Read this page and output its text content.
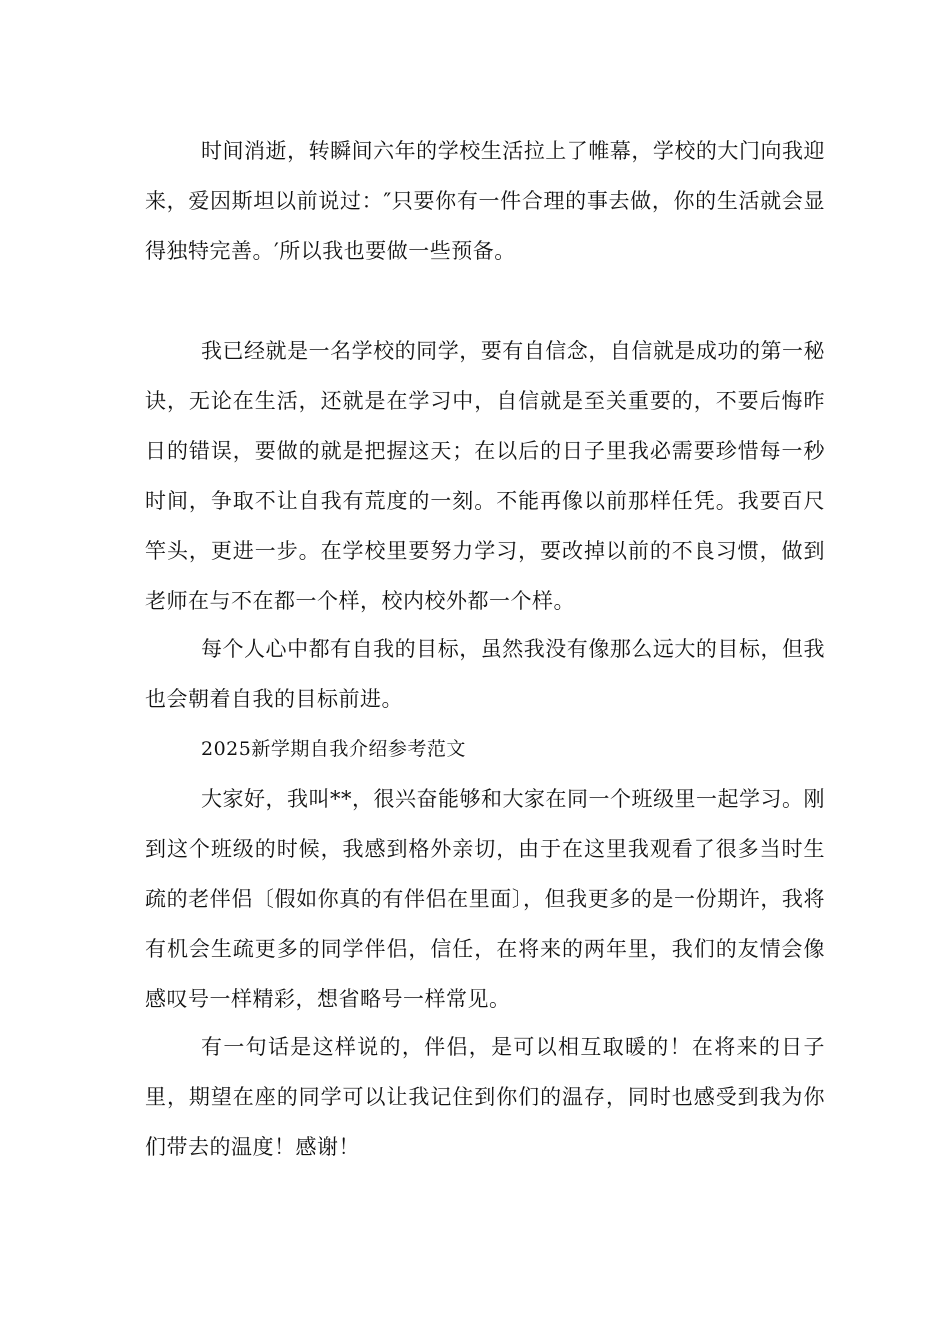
时间消逝，转瞬间六年的学校生活拉上了帷幕，学校的大门向我迎来，爱因斯坦以前说过：″只要你有一件合理的事去做，你的生活就会显得独特完善。′所以我也要做一些预备。

我已经就是一名学校的同学，要有自信念，自信就是成功的第一秘诀，无论在生活，还就是在学习中，自信就是至关重要的，不要后悔昨日的错误，要做的就是把握这天；在以后的日子里我必需要珍惜每一秒时间，争取不让自我有荒度的一刻。不能再像以前那样任凭。我要百尺竿头，更进一步。在学校里要努力学习，要改掉以前的不良习惯，做到老师在与不在都一个样，校内校外都一个样。

每个人心中都有自我的目标，虽然我没有像那么远大的目标，但我也会朝着自我的目标前进。

2025新学期自我介绍参考范文

大家好，我叫**，很兴奋能够和大家在同一个班级里一起学习。刚到这个班级的时候，我感到格外亲切，由于在这里我观看了很多当时生疏的老伴侣〔假如你真的有伴侣在里面〕，但我更多的是一份期许，我将有机会生疏更多的同学伴侣，信任，在将来的两年里，我们的友情会像感叹号一样精彩，想省略号一样常见。

有一句话是这样说的，伴侣，是可以相互取暖的！在将来的日子里，期望在座的同学可以让我记住到你们的温存，同时也感受到我为你们带去的温度！感谢！
